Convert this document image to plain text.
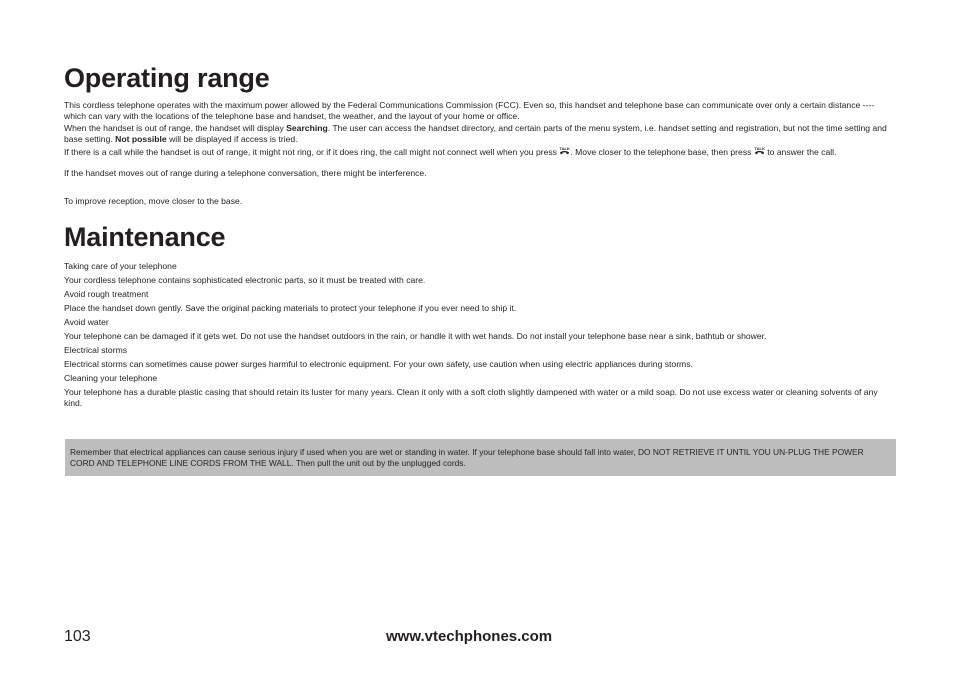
Operating range

This cordless telephone operates with the maximum power allowed by the Federal Communications Commission (FCC). Even so, this handset and telephone base can communicate over only a certain distance ----which can vary with the locations of the telephone base and handset, the weather, and the layout of your home or office.

When the handset is out of range, the handset will display Searching. The user can access the handset directory, and certain parts of the menu system, i.e. handset setting and registration, but not the time setting and base setting. Not possible will be displayed if access is tried.

If there is a call while the handset is out of range, it might not ring, or if it does ring, the call might not connect well when you press TALK . Move closer to the telephone base, then press TALK to answer the call.

If the handset moves out of range during a telephone conversation, there might be interference.

To improve reception, move closer to the base.

Maintenance

Taking care of your telephone

Your cordless telephone contains sophisticated electronic parts, so it must be treated with care.

Avoid rough treatment

Place the handset down gently. Save the original packing materials to protect your telephone if you ever need to ship it.

Avoid water

Your telephone can be damaged if it gets wet. Do not use the handset outdoors in the rain, or handle it with wet hands. Do not install your telephone base near a sink, bathtub or shower.

Electrical storms

Electrical storms can sometimes cause power surges harmful to electronic equipment. For your own safety, use caution when using electric appliances during storms.

Cleaning your telephone

Your telephone has a durable plastic casing that should retain its luster for many years. Clean it only with a soft cloth slightly dampened with water or a mild soap. Do not use excess water or cleaning solvents of any kind.

Remember that electrical appliances can cause serious injury if used when you are wet or standing in water. If your telephone base should fall into water, DO NOT RETRIEVE IT UNTIL YOU UN-PLUG THE POWER CORD AND TELEPHONE LINE CORDS FROM THE WALL. Then pull the unit out by the unplugged cords.
103	www.vtechphones.com
